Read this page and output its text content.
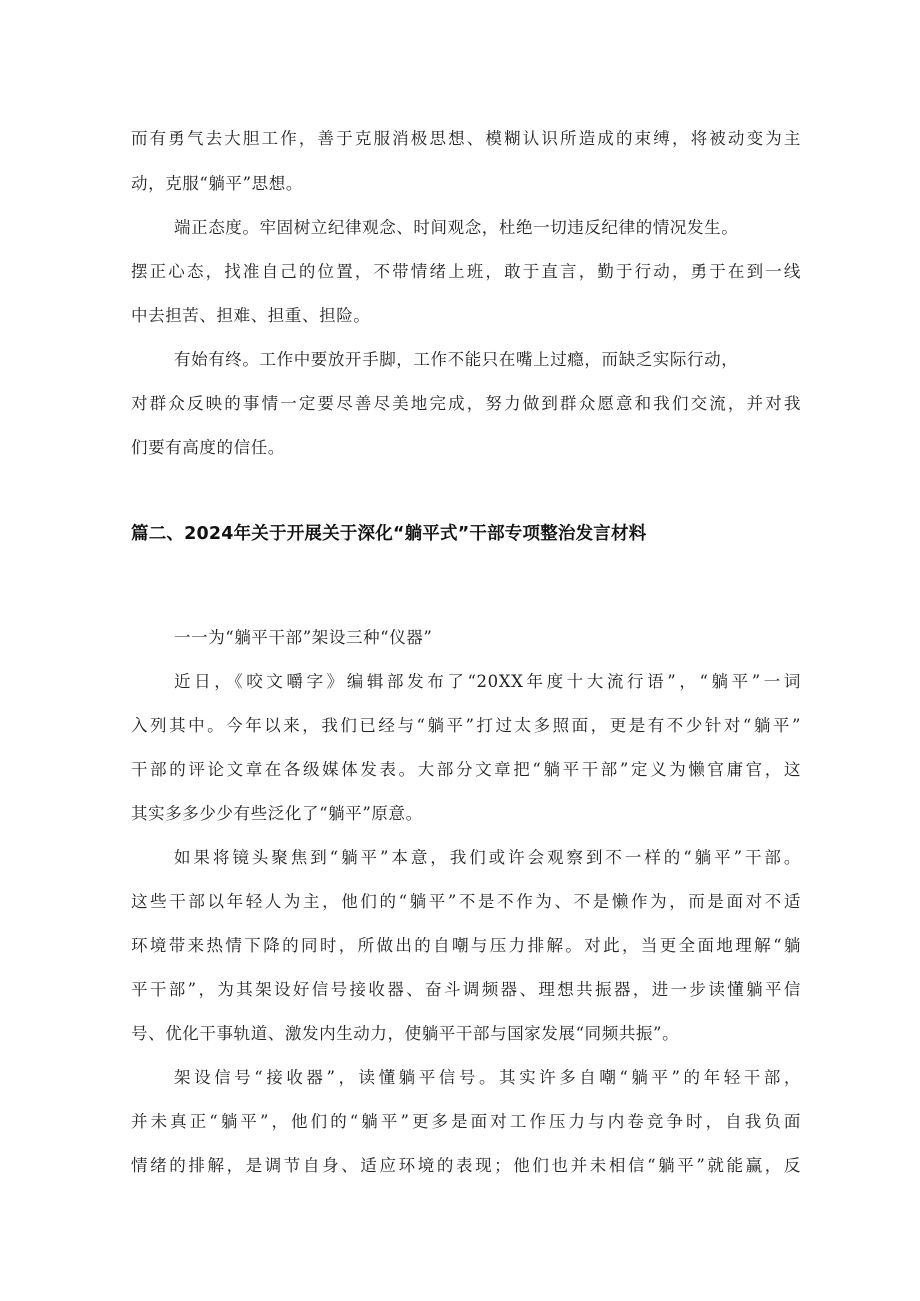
而有勇气去大胆工作，善于克服消极思想、模糊认识所造成的束缚，将被动变为主
动，克服“躺平”思想。
端正态度。牢固树立纪律观念、时间观念，杜绝一切违反纪律的情况发生。
摆正心态，找准自己的位置，不带情绪上班，敢于直言，勤于行动，勇于在到一线
中去担苦、担难、担重、担险。
有始有终。工作中要放开手脚，工作不能只在嘴上过瘾，而缺乏实际行动，
对群众反映的事情一定要尽善尽美地完成，努力做到群众愿意和我们交流，并对我
们要有高度的信任。
篇二、2024年关于开展关于深化“躺平式”干部专项整治发言材料
一一为“躺平干部”架设三种“仪器”
近日，《咬文嚼字》编辑部发布了“20XX年度十大流行语”，“躺平”一词
入列其中。今年以来，我们已经与“躺平”打过太多照面，更是有不少针对“躺平”
干部的评论文章在各级媒体发表。大部分文章把“躺平干部”定义为懒官庸官，这
其实多多少少有些泛化了“躺平”原意。
如果将镜头聚焦到“躺平”本意，我们或许会观察到不一样的“躺平”干部。
这些干部以年轻人为主，他们的“躺平”不是不作为、不是懒作为，而是面对不适
环境带来热情下降的同时，所做出的自嘲与压力排解。对此，当更全面地理解“躺
平干部”，为其架设好信号接收器、奋斗调频器、理想共振器，进一步读懂躺平信
号、优化干事轨道、激发内生动力，使躺平干部与国家发展“同频共振”。
架设信号“接收器”，读懂躺平信号。其实许多自嘲“躺平”的年轻干部，
并未真正“躺平”，他们的“躺平”更多是面对工作压力与内卷竞争时，自我负面
情绪的排解，是调节自身、适应环境的表现；他们也并未相信“躺平”就能赢，反
